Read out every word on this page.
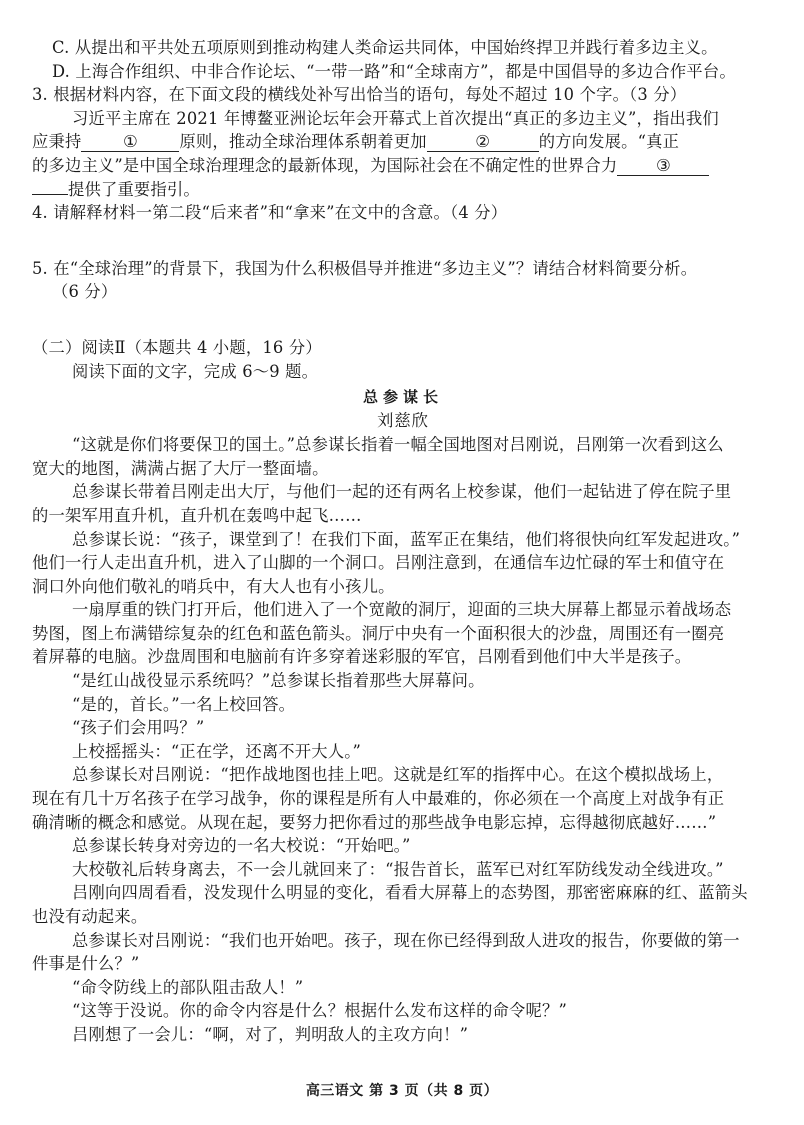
C. 从提出和平共处五项原则到推动构建人类命运共同体，中国始终捍卫并践行着多边主义。
D. 上海合作组织、中非合作论坛、“一带一路”和“全球南方”，都是中国倡导的多边合作平台。
3. 根据材料内容，在下面文段的横线处补写出恰当的语句，每处不超过 10 个字。（3 分）
习近平主席在 2021 年博鳌亚洲论坛年会开幕式上首次提出“真正的多边主义”，指出我们
应秉持	①	原则，推动全球治理体系朝着更加	②	的方向发展。“真正
的多边主义”是中国全球治理理念的最新体现，为国际社会在不确定性的世界合力 ③
提供了重要指引。
4. 请解释材料一第二段“后来者”和“拿来”在文中的含意。（4 分）
5. 在“全球治理”的背景下，我国为什么积极倡导并推进“多边主义”？请结合材料简要分析。
（6 分）
（二）阅读Ⅱ（本题共 4 小题，16 分）
阅读下面的文字，完成 6～9 题。
总参谋长
刘慈欣
“这就是你们将要保卫的国土。”总参谋长指着一幅全国地图对吕刚说，吕刚第一次看到这么
宽大的地图，满满占据了大厅一整面墙。
总参谋长带着吕刚走出大厅，与他们一起的还有两名上校参谋，他们一起钻进了停在院子里
的一架军用直升机，直升机在轰鸣中起飞……
总参谋长说：“孩子，课堂到了！在我们下面，蓝军正在集结，他们将很快向红军发起进攻。”
他们一行人走出直升机，进入了山脚的一个洞口。吕刚注意到，在通信车边忙碌的军士和值守在
洞口外向他们敬礼的哨兵中，有大人也有小孩儿。
一扇厚重的铁门打开后，他们进入了一个宽敞的洞厅，迎面的三块大屏幕上都显示着战场态
势图，图上布满错综复杂的红色和蓝色箭头。洞厅中央有一个面积很大的沙盘，周围还有一圈亮
着屏幕的电脑。沙盘周围和电脑前有许多穿着迷彩服的军官，吕刚看到他们中大半是孩子。
“是红山战役显示系统吗？”总参谋长指着那些大屏幕问。
“是的，首长。”一名上校回答。
“孩子们会用吗？”
上校摇摇头：“正在学，还离不开大人。”
总参谋长对吕刚说：“把作战地图也挂上吧。这就是红军的指挥中心。在这个模拟战场上，
现在有几十万名孩子在学习战争，你的课程是所有人中最难的，你必须在一个高度上对战争有正
确清晰的概念和感觉。从现在起，要努力把你看过的那些战争电影忘掉，忘得越彻底越好……”
总参谋长转身对旁边的一名大校说：“开始吧。”
大校敬礼后转身离去，不一会儿就回来了：“报告首长，蓝军已对红军防线发动全线进攻。”
吕刚向四周看看，没发现什么明显的变化，看看大屏幕上的态势图，那密密麻麻的红、蓝箭头
也没有动起来。
总参谋长对吕刚说：“我们也开始吧。孩子，现在你已经得到敌人进攻的报告，你要做的第一
件事是什么？”
“命令防线上的部队阻击敌人！”
“这等于没说。你的命令内容是什么？根据什么发布这样的命令呢？”
吕刚想了一会儿：“啊，对了，判明敌人的主攻方向！”
高三语文 第 3 页（共 8 页）
